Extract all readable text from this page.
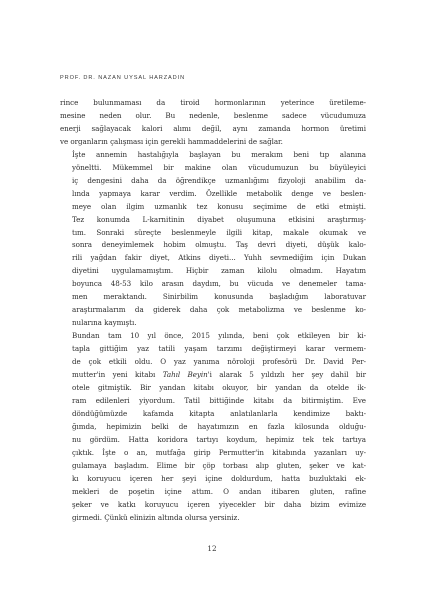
PROF. DR. NAZAN UYSAL HARZADIN

rince bulunmaması da tiroid hormonlarının yeterince üretileme-
mesine neden olur. Bu nedenle, beslenme sadece vücudumuza
enerji sağlayacak kalori alımı değil, aynı zamanda hormon üretimi
ve organların çalışması için gerekli hammaddelerini de sağlar.

İşte annemin hastalığıyla başlayan bu merakım beni tıp alanına
yöneltti. Mükemmel bir makine olan vücudumuzun bu büyüleyici
iç dengesini daha da öğrendikçe uzmanlığımı fizyoloji anabilim da-
lında yapmaya karar verdim. Özellikle metabolik denge ve beslen-
meye olan ilgim uzmanlık tez konusu seçimime de etki etmişti.
Tez konumda L-karnitinin diyabet oluşumuna etkisini araştırmış-
tım. Sonraki süreçte beslenmeyle ilgili kitap, makale okumak ve
sonra deneyimlemek hobim olmuştu. Taş devri diyeti, düşük kalo-
rili yağdan fakir diyet, Atkins diyeti... Yuhh sevmediğim için Dukan
diyetini uygulamamıştım. Hiçbir zaman kilolu olmadım. Hayatım
boyunca 48-53 kilo arasın daydım, bu vücuda ve denemeler tama-
men meraktandı. Sinirbilim konusunda başladığım laboratuvar
araştırmalarım da giderek daha çok metabolizma ve beslenme ko-
nularına kaymıştı.

Bundan tam 10 yıl önce, 2015 yılında, beni çok etkileyen bir ki-
tapla gittiğim yaz tatili yaşam tarzımı değiştirmeyi karar vermem-
de çok etkili oldu. O yaz yanıma nöroloji profesörü Dr. David Per-
mutter'in yeni kitabı Tahıl Beyin'i alarak 5 yıldızlı her şey dahil bir
otele gitmiştik. Bir yandan kitabı okuyor, bir yandan da otelde ik-
ram edilenleri yiyordum. Tatil bittiğinde kitabı da bitirmiştim. Eve
döndüğümüzde kafamda kitapta anlatılanlarla kendimize baktı-
ğımda, hepimizin belki de hayatımızın en fazla kilosunda olduğu-
nu gördüm. Hatta koridora tartıyı koydum, hepimiz tek tek tartıya
çıktık. İşte o an, mutfağa girip Permutter'in kitabında yazanları uy-
gulamaya başladım. Elime bir çöp torbası alıp gluten, şeker ve kat-
kı koruyucu içeren her şeyi içine doldurdum, hatta buzluktaki ek-
mekleri de poşetin içine attım. O andan itibaren gluten, rafine
şeker ve katkı koruyucu içeren yiyecekler bir daha bizim evimize
girmedi. Çünkü elinizin altında olursa yersiniz.

12
